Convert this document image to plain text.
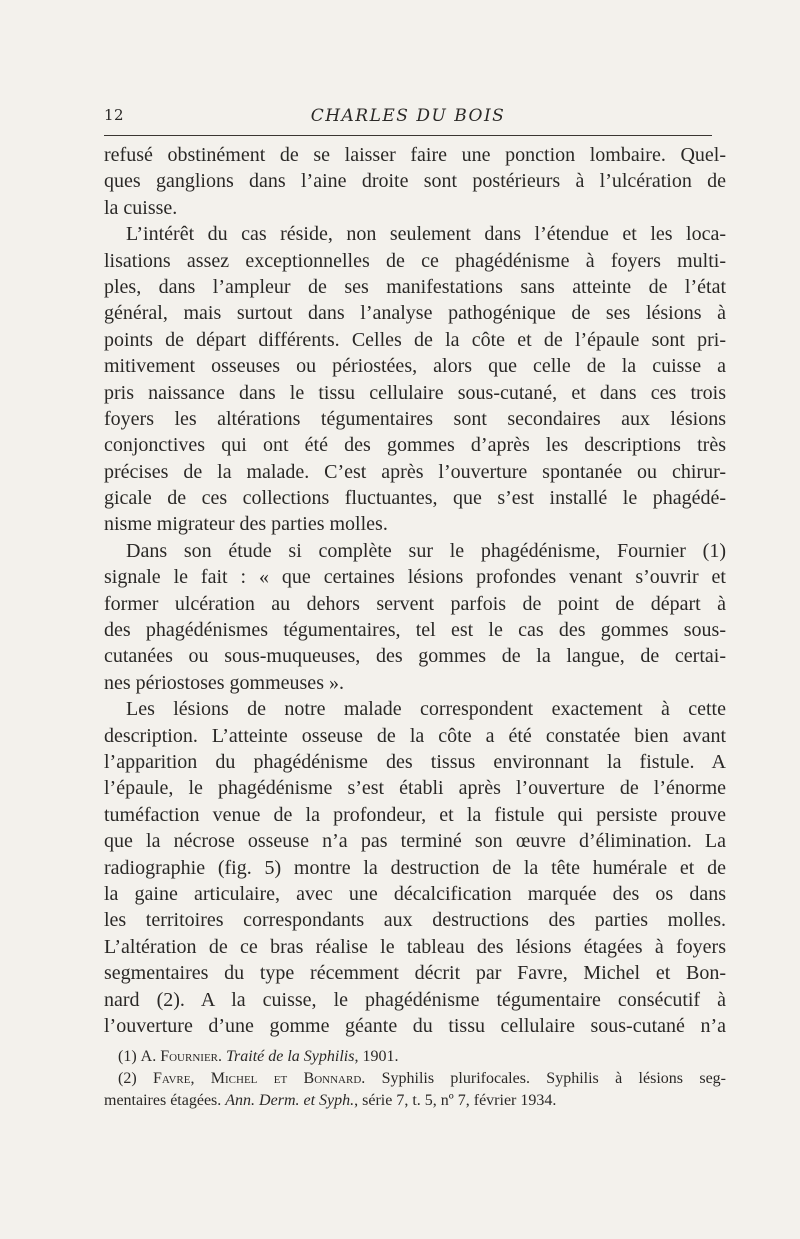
12	CHARLES DU BOIS
refusé obstinément de se laisser faire une ponction lombaire. Quel-
ques ganglions dans l’aine droite sont postérieurs à l’ulcération de
la cuisse.
L’intérêt du cas réside, non seulement dans l’étendue et les loca-
lisations assez exceptionnelles de ce phagédénisme à foyers multi-
ples, dans l’ampleur de ses manifestations sans atteinte de l’état
général, mais surtout dans l’analyse pathogénique de ses lésions à
points de départ différents. Celles de la côte et de l’épaule sont pri-
mitivement osseuses ou périostées, alors que celle de la cuisse a
pris naissance dans le tissu cellulaire sous-cutané, et dans ces trois
foyers les altérations tégumentaires sont secondaires aux lésions
conjonctives qui ont été des gommes d’après les descriptions très
précises de la malade. C’est après l’ouverture spontanée ou chirur-
gicale de ces collections fluctuantes, que s’est installé le phagédé-
nisme migrateur des parties molles.
Dans son étude si complète sur le phagédénisme, Fournier (1)
signale le fait : « que certaines lésions profondes venant s’ouvrir et
former ulcération au dehors servent parfois de point de départ à
des phagédénismes tégumentaires, tel est le cas des gommes sous-
cutanées ou sous-muqueuses, des gommes de la langue, de certai-
nes périostoses gommeuses ».
Les lésions de notre malade correspondent exactement à cette
description. L’atteinte osseuse de la côte a été constatée bien avant
l’apparition du phagédénisme des tissus environnant la fistule. A
l’épaule, le phagédénisme s’est établi après l’ouverture de l’énorme
tuméfaction venue de la profondeur, et la fistule qui persiste prouve
que la nécrose osseuse n’a pas terminé son œuvre d’élimination. La
radiographie (fig. 5) montre la destruction de la tête humérale et de
la gaine articulaire, avec une décalcification marquée des os dans
les territoires correspondants aux destructions des parties molles.
L’altération de ce bras réalise le tableau des lésions étagées à foyers
segmentaires du type récemment décrit par Favre, Michel et Bon-
nard (2). A la cuisse, le phagédénisme tégumentaire consécutif à
l’ouverture d’une gomme géante du tissu cellulaire sous-cutané n’a
(1) A. Fournier. Traité de la Syphilis, 1901.
(2) Favre, Michel et Bonnard. Syphilis plurifocales. Syphilis à lésions seg-
mentaires étagées. Ann. Derm. et Syph., série 7, t. 5, nº 7, février 1934.
